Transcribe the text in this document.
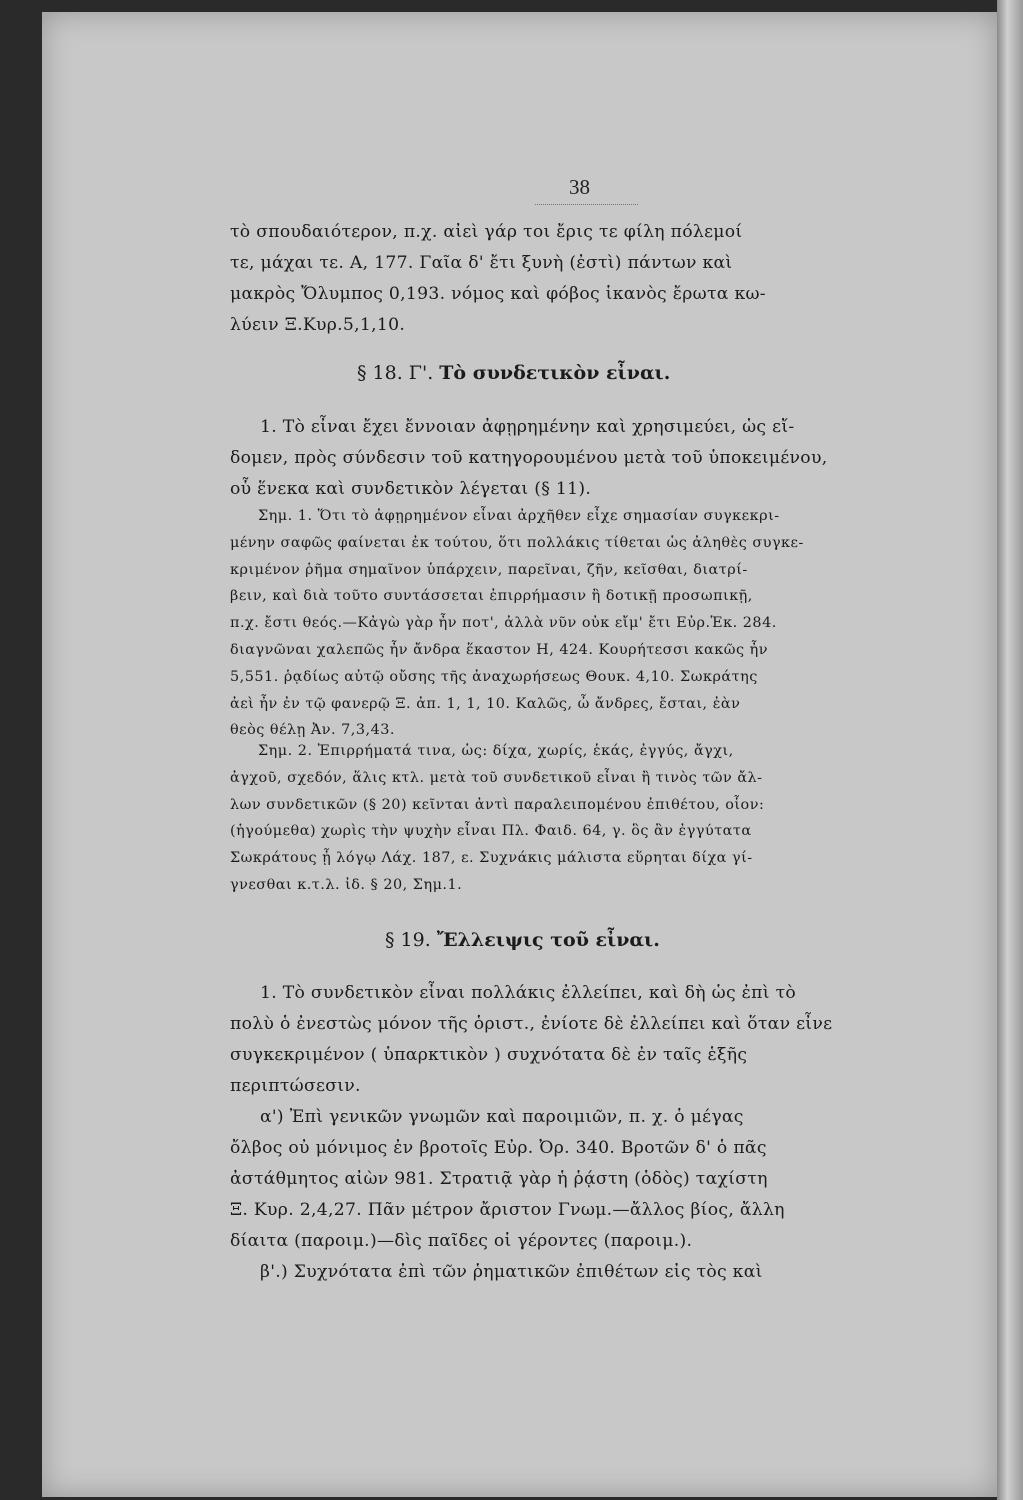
38
τὸ σπουδαιότερον, π.χ. αἰεὶ γάρ τοι ἔρις τε φίλη πόλεμοί
τε, μάχαι τε. Α, 177. Γαῖα δ' ἔτι ξυνὴ (ἐστὶ) πάντων καὶ
μακρὸς Ὄλυμπος 0,193. νόμος καὶ φόβος ἱκανὸς ἔρωτα κω-
λύειν Ξ.Κυρ.5,1,10.
§ 18. Γ'. Τὸ συνδετικὸν εἶναι.
1. Τὸ εἶναι ἔχει ἔννοιαν ἀφῃρημένην καὶ χρησιμεύει, ὡς εἴ-
δομεν, πρὸς σύνδεσιν τοῦ κατηγορουμένου μετὰ τοῦ ὑποκειμένου,
οὗ ἕνεκα καὶ συνδετικὸν λέγεται (§ 11).
Σημ. 1. Ὅτι τὸ ἀφῃρημένον εἶναι ἀρχῆθεν εἶχε σημασίαν συγκεκρι-
μένην σαφῶς φαίνεται ἐκ τούτου, ὅτι πολλάκις τίθεται ὡς ἀληθὲς συγκε-
κριμένον ῥῆμα σημαῖνον ὑπάρχειν, παρεῖναι, ζῆν, κεῖσθαι, διατρί-
βειν, καὶ διὰ τοῦτο συντάσσεται ἐπιρρήμασιν ἢ δοτικῇ προσωπικῇ,
π.χ. ἔστι θεός.—Κἀγὼ γὰρ ἦν ποτ', ἀλλὰ νῦν οὐκ εἴμ' ἔτι Εὐρ.Ἑκ. 284.
διαγνῶναι χαλεπῶς ἦν ἄνδρα ἕκαστον Η, 424. Κουρήτεσσι κακῶς ἦν
5,551. ῥᾳδίως αὐτῷ οὔσης τῆς ἀναχωρήσεως Θουκ. 4,10. Σωκράτης
ἀεὶ ἦν ἐν τῷ φανερῷ Ξ. ἀπ. 1, 1, 10. Καλῶς, ὦ ἄνδρες, ἔσται, ἐὰν
θεὸς θέλῃ Ἀν. 7,3,43.
Σημ. 2. Ἐπιρρήματά τινα, ὡς: δίχα, χωρίς, ἑκάς, ἐγγύς, ἄγχι,
ἀγχοῦ, σχεδόν, ἅλις κτλ. μετὰ τοῦ συνδετικοῦ εἶναι ἢ τινὸς τῶν ἄλ-
λων συνδετικῶν (§ 20) κεῖνται ἀντὶ παραλειπομένου ἐπιθέτου, οἷον:
(ἡγούμεθα) χωρὶς τὴν ψυχὴν εἶναι Πλ. Φαιδ. 64, γ. ὃς ἂν ἐγγύτατα
Σωκράτους ᾖ λόγῳ Λάχ. 187, ε. Συχνάκις μάλιστα εὕρηται δίχα γί-
γνεσθαι κ.τ.λ. ἰδ. § 20, Σημ.1.
§ 19. Ἔλλειψις τοῦ εἶναι.
1. Τὸ συνδετικὸν εἶναι πολλάκις ἐλλείπει, καὶ δὴ ὡς ἐπὶ τὸ
πολὺ ὁ ἐνεστὼς μόνον τῆς ὁριστ., ἐνίοτε δὲ ἐλλείπει καὶ ὅταν εἶνε
συγκεκριμένον ( ὑπαρκτικὸν ) συχνότατα δὲ ἐν ταῖς ἑξῆς
περιπτώσεσιν.
α') Ἐπὶ γενικῶν γνωμῶν καὶ παροιμιῶν, π. χ. ὁ μέγας
ὄλβος οὐ μόνιμος ἐν βροτοῖς Εὐρ. Ὀρ. 340. Βροτῶν δ' ὁ πᾶς
ἀστάθμητος αἰὼν 981. Στρατιᾷ γὰρ ἡ ῥᾴστη (ὁδὸς) ταχίστη
Ξ. Κυρ. 2,4,27. Πᾶν μέτρον ἄριστον Γνωμ.—ἄλλος βίος, ἄλλη
δίαιτα (παροιμ.)—δὶς παῖδες οἱ γέροντες (παροιμ.).
β'.) Συχνότατα ἐπὶ τῶν ῥηματικῶν ἐπιθέτων εἰς τὸς καὶ
